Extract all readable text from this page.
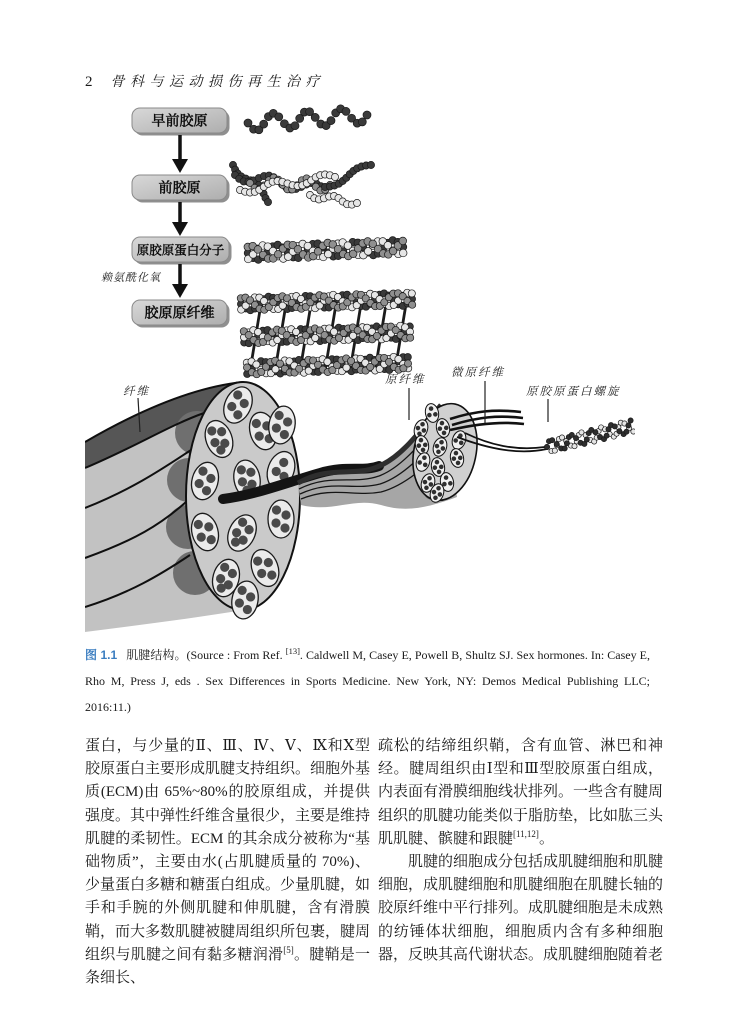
2 骨科与运动损伤再生治疗
早前胶原
前胶原
原胶原蛋白分子
赖氨酰化氧
胶原原纤维
纤维
原纤维
微原纤维
原胶原蛋白螺旋
图 1.1 肌腱结构。(Source : From Ref. [13]. Caldwell M, Casey E, Powell B, Shultz SJ. Sex hormones. In: Casey E, Rho M, Press J, eds . Sex Differences in Sports Medicine. New York, NY: Demos Medical Publishing LLC; 2016:11.)

蛋白，与少量的Ⅱ、Ⅲ、Ⅳ、Ⅴ、Ⅸ和Ⅹ型胶原蛋白主要形成肌腱支持组织。细胞外基质(ECM)由 65%~80%的胶原组成，并提供强度。其中弹性纤维含量很少，主要是维持肌腱的柔韧性。ECM 的其余成分被称为“基础物质”，主要由水(占肌腱质量的 70%)、少量蛋白多糖和糖蛋白组成。少量肌腱，如手和手腕的外侧肌腱和伸肌腱，含有滑膜鞘，而大多数肌腱被腱周组织所包裹，腱周组织与肌腱之间有黏多糖润滑[5]。腱鞘是一条细长、

疏松的结缔组织鞘，含有血管、淋巴和神经。腱周组织由Ⅰ型和Ⅲ型胶原蛋白组成，内表面有滑膜细胞线状排列。一些含有腱周组织的肌腱功能类似于脂肪垫，比如肱三头肌肌腱、髌腱和跟腱[11,12]。

肌腱的细胞成分包括成肌腱细胞和肌腱细胞，成肌腱细胞和肌腱细胞在肌腱长轴的胶原纤维中平行排列。成肌腱细胞是未成熟的纺锤体状细胞，细胞质内含有多种细胞器，反映其高代谢状态。成肌腱细胞随着老
